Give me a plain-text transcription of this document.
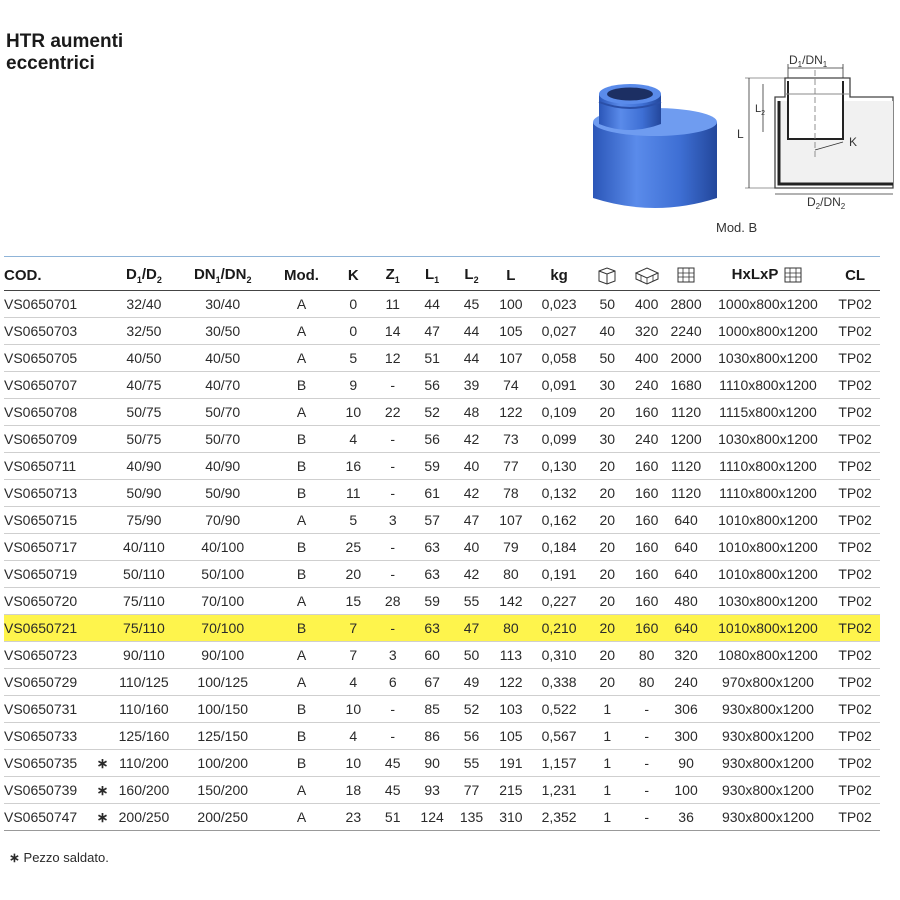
HTR aumenti
eccentrici	$D_1/DN_1$
L
$L_2$
K
$D_2/DN_2$
Mod. B
COD.		$D_1/D_2$	$DN_1/DN_2$	Mod.	K	$Z_1$	$L_1$	$L_2$	L	kg				HxLxP	CL
VS0650701		32/40	30/40	A	0	11	44	45	100	0,023	50	400	2800	1000x800x1200	TP02
VS0650703		32/50	30/50	A	0	14	47	44	105	0,027	40	320	2240	1000x800x1200	TP02
VS0650705		40/50	40/50	A	5	12	51	44	107	0,058	50	400	2000	1030x800x1200	TP02
VS0650707		40/75	40/70	B	9	-	56	39	74	0,091	30	240	1680	1110x800x1200	TP02
VS0650708		50/75	50/70	A	10	22	52	48	122	0,109	20	160	1120	1115x800x1200	TP02
VS0650709		50/75	50/70	B	4	-	56	42	73	0,099	30	240	1200	1030x800x1200	TP02
VS0650711		40/90	40/90	B	16	-	59	40	77	0,130	20	160	1120	1110x800x1200	TP02
VS0650713		50/90	50/90	B	11	-	61	42	78	0,132	20	160	1120	1110x800x1200	TP02
VS0650715		75/90	70/90	A	5	3	57	47	107	0,162	20	160	640	1010x800x1200	TP02
VS0650717		40/110	40/100	B	25	-	63	40	79	0,184	20	160	640	1010x800x1200	TP02
VS0650719		50/110	50/100	B	20	-	63	42	80	0,191	20	160	640	1010x800x1200	TP02
VS0650720		75/110	70/100	A	15	28	59	55	142	0,227	20	160	480	1030x800x1200	TP02
VS0650721		75/110	70/100	B	7	-	63	47	80	0,210	20	160	640	1010x800x1200	TP02
VS0650723		90/110	90/100	A	7	3	60	50	113	0,310	20	80	320	1080x800x1200	TP02
VS0650729		110/125	100/125	A	4	6	67	49	122	0,338	20	80	240	970x800x1200	TP02
VS0650731		110/160	100/150	B	10	-	85	52	103	0,522	1	-	306	930x800x1200	TP02
VS0650733		125/160	125/150	B	4	-	86	56	105	0,567	1	-	300	930x800x1200	TP02
VS0650735	∗	110/200	100/200	B	10	45	90	55	191	1,157	1	-	90	930x800x1200	TP02
VS0650739	∗	160/200	150/200	A	18	45	93	77	215	1,231	1	-	100	930x800x1200	TP02
VS0650747	∗	200/250	200/250	A	23	51	124	135	310	2,352	1	-	36	930x800x1200	TP02
∗ Pezzo saldato.
